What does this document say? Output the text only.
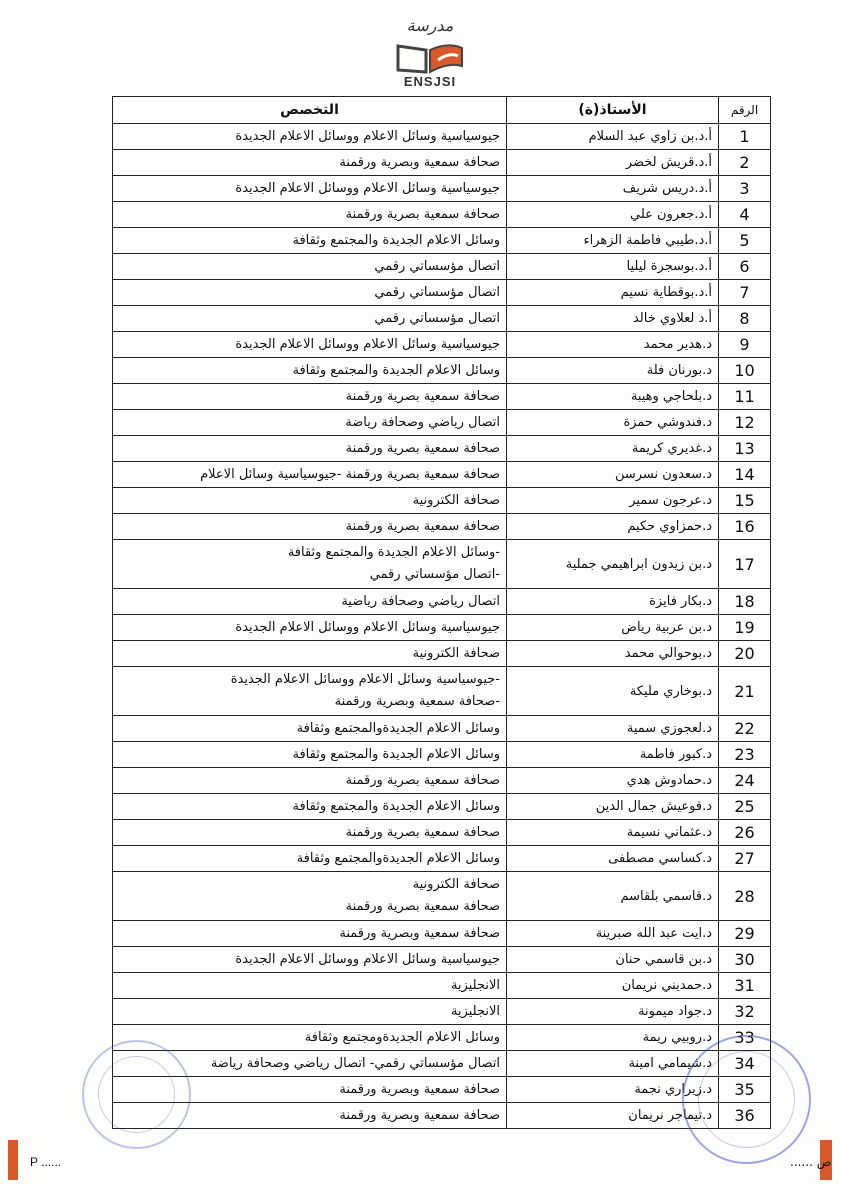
مدرسة
ENSJSI
الرقم	الأستاذ(ة)	التخصص
1	أ.د.بن زاوي عبد السلام	جيوسياسية وسائل الاعلام ووسائل الاعلام الجديدة

2	أ.د.قريش لخضر	صحافة سمعية وبصرية ورقمنة

3	أ.د.دريس شريف	جيوسياسية وسائل الاعلام ووسائل الاعلام الجديدة

4	أ.د.جعرون علي	صحافة سمعية بصرية ورقمنة

5	أ.د.طيبي فاطمة الزهراء	وسائل الاعلام الجديدة والمجتمع وثقافة

6	أ.د.بوسجرة ليليا	اتصال مؤسساتي رقمي

7	أ.د.بوقطاية نسيم	اتصال مؤسساتي رقمي

8	أ.د لعلاوي خالد	اتصال مؤسساتي رقمي

9	د.هدير محمد	جيوسياسية وسائل الاعلام ووسائل الاعلام الجديدة

10	د.بورنان فلة	وسائل الاعلام الجديدة والمجتمع وثقافة

11	د.بلحاجي وهيبة	صحافة سمعية بصرية ورقمنة

12	د.فندوشي حمزة	اتصال رياضي وصحافة رياضة

13	د.غديري كريمة	صحافة سمعية بصرية ورقمنة

14	د.سعدون نسرسن	صحافة سمعية بصرية ورقمنة -جيوسياسية وسائل الاعلام

15	د.عرجون سمير	صحافة الكترونية

16	د.حمزاوي حكيم	صحافة سمعية بصرية ورقمنة

17	د.بن زيدون ابراهيمي جملية	-وسائل الاعلام الجديدة والمجتمع وثقافة
-اتصال مؤسساتي رقمي

18	د.بكار فايزة	اتصال رياضي وصحافة رياضية

19	د.بن عربية رياض	جيوسياسية وسائل الاعلام ووسائل الاعلام الجديدة

20	د.بوحوالي محمد	صحافة الكترونية

21	د.بوخاري مليكة	-جيوسياسية وسائل الاعلام ووسائل الاعلام الجديدة
-صحافة سمعية وبصرية ورقمنة

22	د.لعجوزي سمية	وسائل الاعلام الجديدةوالمجتمع وثقافة

23	د.كبور فاطمة	وسائل الاعلام الجديدة والمجتمع وثقافة

24	د.حمادوش هدي	صحافة سمعية بصرية ورقمنة

25	د.قوعيش جمال الدين	وسائل الاعلام الجديدة والمجتمع وثقافة

26	د.عثماني نسيمة	صحافة سمعية بصرية ورقمنة

27	د.كساسي مصطفى	وسائل الاعلام الجديدةوالمجتمع وثقافة

28	د.قاسمي بلقاسم	صحافة الكترونية
صحافة سمعية بصرية ورقمنة

29	د.ايت عبد الله صبرينة	صحافة سمعية وبصرية ورقمنة

30	د.بن قاسمي حنان	جيوسياسية وسائل الاعلام ووسائل الاعلام الجديدة

31	د.حمديني نريمان	الانجليزية

32	د.جواد ميمونة	الانجليزية

33	د.روبيي ريمة	وسائل الاعلام الجديدةومجتمع وثقافة

34	د.شيمامي امينة	اتصال مؤسساتي رقمي- اتصال رياضي وصحافة رياضة

35	د.زيراري نجمة	صحافة سمعية وبصرية ورقمنة

36	د.تيماجر نريمان	صحافة سمعية وبصرية ورقمنة
P ......	ص ......
